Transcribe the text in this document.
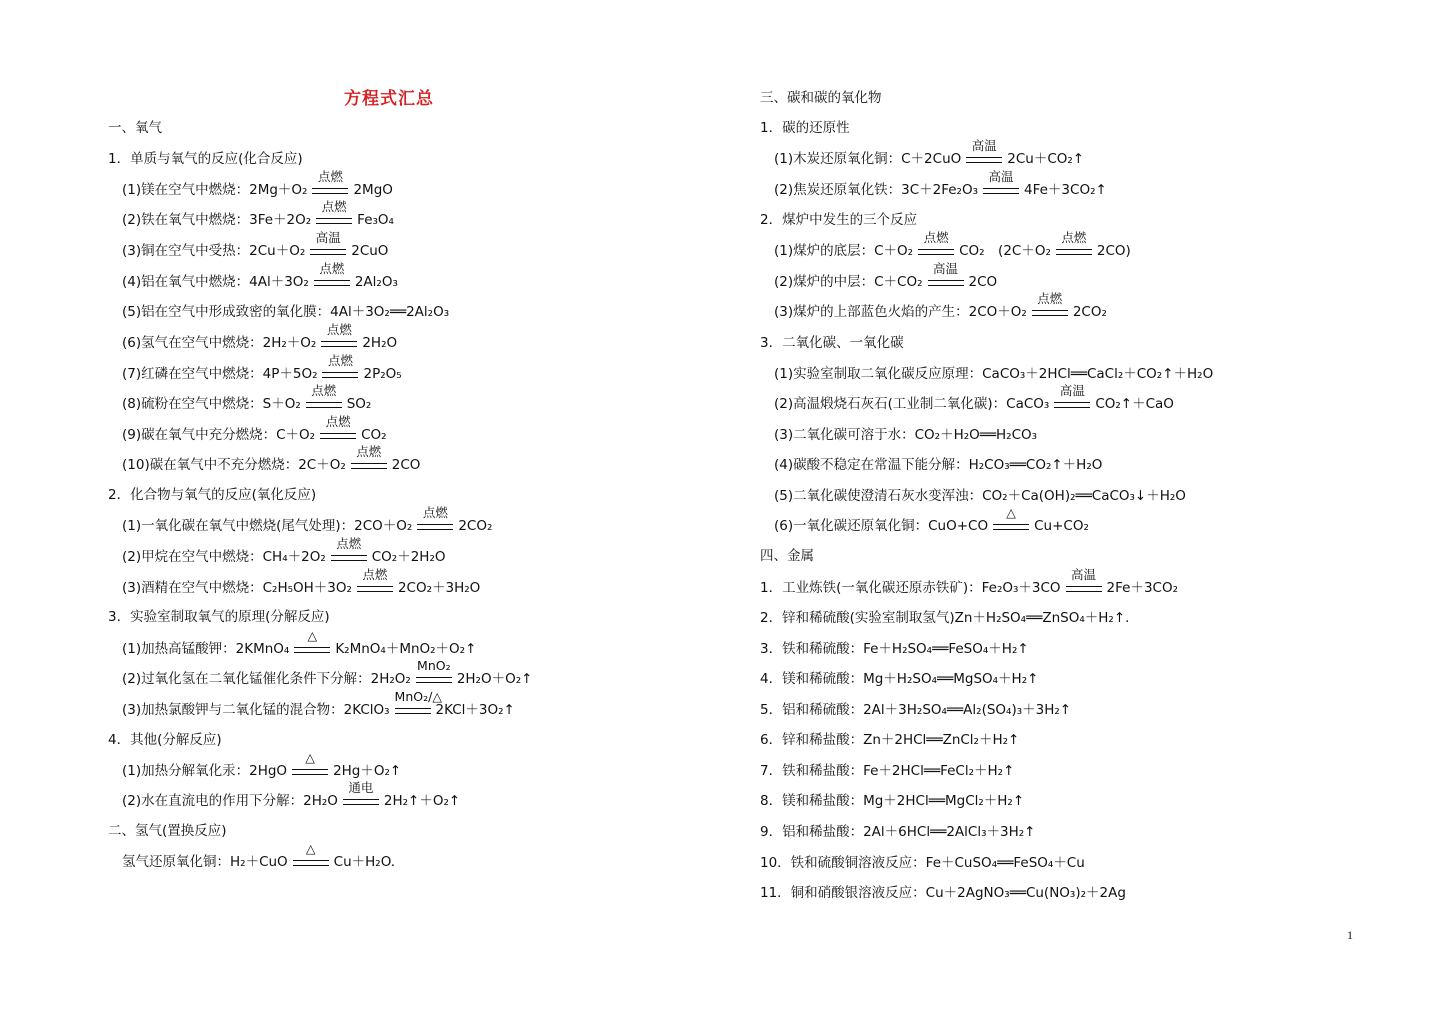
方程式汇总
一、氧气
1．单质与氧气的反应(化合反应)
(1)镁在空气中燃烧：2Mg＋O₂
点燃
2MgO
(2)铁在氧气中燃烧：3Fe＋2O₂
点燃
Fe₃O₄
(3)铜在空气中受热：2Cu＋O₂
高温
2CuO
(4)铝在氧气中燃烧：4Al＋3O₂
点燃
2Al₂O₃
(5)铝在空气中形成致密的氧化膜：4Al＋3O₂══2Al₂O₃
(6)氢气在空气中燃烧：2H₂＋O₂
点燃
2H₂O
(7)红磷在空气中燃烧：4P＋5O₂
点燃
2P₂O₅
(8)硫粉在空气中燃烧：S＋O₂
点燃
SO₂
(9)碳在氧气中充分燃烧：C＋O₂
点燃
CO₂
(10)碳在氧气中不充分燃烧：2C＋O₂
点燃
2CO
2．化合物与氧气的反应(氧化反应)
(1)一氧化碳在氧气中燃烧(尾气处理)：2CO＋O₂
点燃
2CO₂
(2)甲烷在空气中燃烧：CH₄＋2O₂
点燃
CO₂＋2H₂O
(3)酒精在空气中燃烧：C₂H₅OH＋3O₂
点燃
2CO₂＋3H₂O
3．实验室制取氧气的原理(分解反应)
(1)加热高锰酸钾：2KMnO₄
△
K₂MnO₄＋MnO₂＋O₂↑
(2)过氧化氢在二氧化锰催化条件下分解：2H₂O₂
MnO₂
2H₂O＋O₂↑
(3)加热氯酸钾与二氧化锰的混合物：2KClO₃
MnO₂/△
2KCl＋3O₂↑
4．其他(分解反应)
(1)加热分解氧化汞：2HgO
△
2Hg＋O₂↑
(2)水在直流电的作用下分解：2H₂O
通电
2H₂↑＋O₂↑
二、氢气(置换反应)
氢气还原氧化铜：H₂＋CuO
△
Cu＋H₂O.
三、碳和碳的氧化物
1．碳的还原性
(1)木炭还原氧化铜：C＋2CuO
高温
2Cu＋CO₂↑
(2)焦炭还原氧化铁：3C＋2Fe₂O₃
高温
4Fe＋3CO₂↑
2．煤炉中发生的三个反应
(1)煤炉的底层：C＋O₂
点燃
CO₂　(2C＋O₂
点燃
2CO)
(2)煤炉的中层：C＋CO₂
高温
2CO
(3)煤炉的上部蓝色火焰的产生：2CO＋O₂
点燃
2CO₂
3．二氧化碳、一氧化碳
(1)实验室制取二氧化碳反应原理：CaCO₃＋2HCl══CaCl₂＋CO₂↑＋H₂O
(2)高温煅烧石灰石(工业制二氧化碳)：CaCO₃
高温
CO₂↑＋CaO
(3)二氧化碳可溶于水：CO₂＋H₂O══H₂CO₃
(4)碳酸不稳定在常温下能分解：H₂CO₃══CO₂↑＋H₂O
(5)二氧化碳使澄清石灰水变浑浊：CO₂＋Ca(OH)₂══CaCO₃↓＋H₂O
(6)一氧化碳还原氧化铜：CuO+CO
△
Cu+CO₂
四、金属
1．工业炼铁(一氧化碳还原赤铁矿)：Fe₂O₃＋3CO
高温
2Fe＋3CO₂
2．锌和稀硫酸(实验室制取氢气)Zn＋H₂SO₄══ZnSO₄＋H₂↑.
3．铁和稀硫酸：Fe＋H₂SO₄══FeSO₄＋H₂↑
4．镁和稀硫酸：Mg＋H₂SO₄══MgSO₄＋H₂↑
5．铝和稀硫酸：2Al＋3H₂SO₄══Al₂(SO₄)₃＋3H₂↑
6．锌和稀盐酸：Zn＋2HCl══ZnCl₂＋H₂↑
7．铁和稀盐酸：Fe＋2HCl══FeCl₂＋H₂↑
8．镁和稀盐酸：Mg＋2HCl══MgCl₂＋H₂↑
9．铝和稀盐酸：2Al＋6HCl══2AlCl₃＋3H₂↑
10．铁和硫酸铜溶液反应：Fe＋CuSO₄══FeSO₄＋Cu
11．铜和硝酸银溶液反应：Cu＋2AgNO₃══Cu(NO₃)₂＋2Ag
1
